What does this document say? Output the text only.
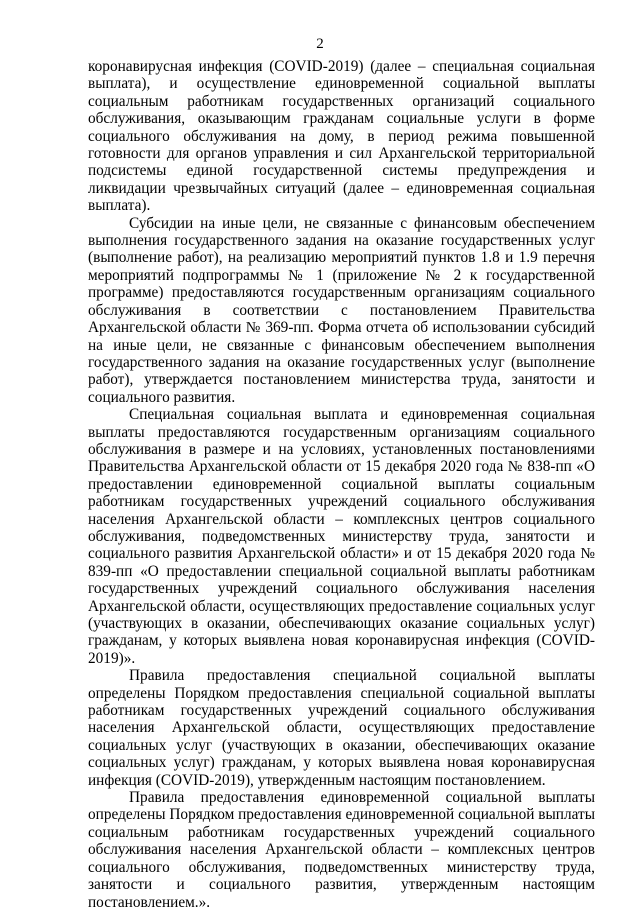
2

коронавирусная инфекция (COVID-2019) (далее – специальная социальная выплата), и осуществление единовременной социальной выплаты социальным работникам государственных организаций социального обслуживания, оказывающим гражданам социальные услуги в форме социального обслуживания на дому, в период режима повышенной готовности для органов управления и сил Архангельской территориальной подсистемы единой государственной системы предупреждения и ликвидации чрезвычайных ситуаций (далее – единовременная социальная выплата).

Субсидии на иные цели, не связанные с финансовым обеспечением выполнения государственного задания на оказание государственных услуг (выполнение работ), на реализацию мероприятий пунктов 1.8 и 1.9 перечня мероприятий подпрограммы № 1 (приложение № 2 к государственной программе) предоставляются государственным организациям социального обслуживания в соответствии с постановлением Правительства Архангельской области № 369-пп. Форма отчета об использовании субсидий на иные цели, не связанные с финансовым обеспечением выполнения государственного задания на оказание государственных услуг (выполнение работ), утверждается постановлением министерства труда, занятости и социального развития.

Специальная социальная выплата и единовременная социальная выплаты предоставляются государственным организациям социального обслуживания в размере и на условиях, установленных постановлениями Правительства Архангельской области от 15 декабря 2020 года № 838-пп «О предоставлении единовременной социальной выплаты социальным работникам государственных учреждений социального обслуживания населения Архангельской области – комплексных центров социального обслуживания, подведомственных министерству труда, занятости и социального развития Архангельской области» и от 15 декабря 2020 года № 839-пп «О предоставлении специальной социальной выплаты работникам государственных учреждений социального обслуживания населения Архангельской области, осуществляющих предоставление социальных услуг (участвующих в оказании, обеспечивающих оказание социальных услуг) гражданам, у которых выявлена новая коронавирусная инфекция (COVID-2019)».

Правила предоставления специальной социальной выплаты определены Порядком предоставления специальной социальной выплаты работникам государственных учреждений социального обслуживания населения Архангельской области, осуществляющих предоставление социальных услуг (участвующих в оказании, обеспечивающих оказание социальных услуг) гражданам, у которых выявлена новая коронавирусная инфекция (COVID-2019), утвержденным настоящим постановлением.

Правила предоставления единовременной социальной выплаты определены Порядком предоставления единовременной социальной выплаты социальным работникам государственных учреждений социального обслуживания населения Архангельской области – комплексных центров социального обслуживания, подведомственных министерству труда, занятости и социального развития, утвержденным настоящим постановлением.».
